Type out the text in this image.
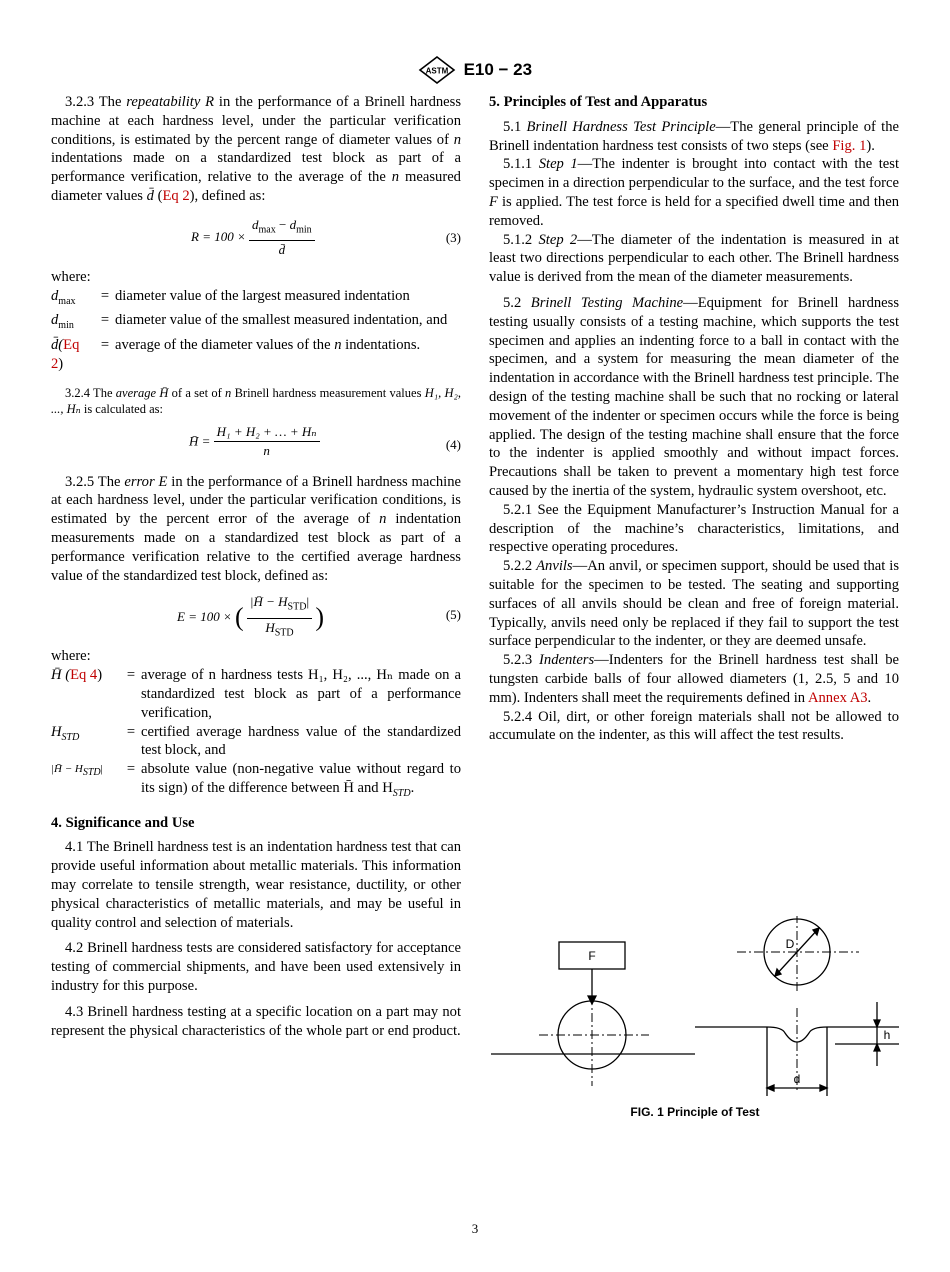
ASTM E10 − 23

3.2.3 The repeatability R in the performance of a Brinell hardness machine at each hardness level, under the particular verification conditions, is estimated by the percent range of diameter values of n indentations made on a standardized test block as part of a performance verification, relative to the average of the n measured diameter values d̄ (Eq 2), defined as:

$R = 100 \times \frac{d_{max} - d_{min}}{d̄}$	(3)

where:

$d_{max}$	=	diameter value of the largest measured indentation
$d_{min}$	=	diameter value of the smallest measured indentation, and
d̄(Eq 2)	=	average of the diameter values of the n indentations.

3.2.4 The average H̄ of a set of n Brinell hardness measurement values H₁, H₂, ..., Hₙ is calculated as:

H̄ = $\frac{\text{H₁ + H₂ + … + Hₙ}}{n}$	(4)

3.2.5 The error E in the performance of a Brinell hardness machine at each hardness level, under the particular verification conditions, is estimated by the percent error of the average of n indentation measurements made on a standardized test block as part of a performance verification relative to the certified average hardness value of the standardized test block, defined as:

E = 100 × ( $\frac{|H̄ - H_{STD}|}{H_{STD}}$ )	(5)

where:

H̄ (Eq 4)	=	average of n hardness tests H₁, H₂, ..., Hₙ made on a standardized test block as part of a performance verification,
$H_{STD}$	=	certified average hardness value of the standardized test block, and
|H̄ − $H_{STD}|$	=	absolute value (non-negative value without regard to its sign) of the difference between H̄ and $H_{STD}$.

4. Significance and Use

4.1 The Brinell hardness test is an indentation hardness test that can provide useful information about metallic materials. This information may correlate to tensile strength, wear resistance, ductility, or other physical characteristics of metallic materials, and may be useful in quality control and selection of materials.

4.2 Brinell hardness tests are considered satisfactory for acceptance testing of commercial shipments, and have been used extensively in industry for this purpose.

4.3 Brinell hardness testing at a specific location on a part may not represent the physical characteristics of the whole part or end product.

5. Principles of Test and Apparatus

5.1 Brinell Hardness Test Principle—The general principle of the Brinell indentation hardness test consists of two steps (see Fig. 1).

5.1.1 Step 1—The indenter is brought into contact with the test specimen in a direction perpendicular to the surface, and the test force F is applied. The test force is held for a specified dwell time and then removed.

5.1.2 Step 2—The diameter of the indentation is measured in at least two directions perpendicular to each other. The Brinell hardness value is derived from the mean of the diameter measurements.

5.2 Brinell Testing Machine—Equipment for Brinell hardness testing usually consists of a testing machine, which supports the test specimen and applies an indenting force to a ball in contact with the specimen, and a system for measuring the mean diameter of the indentation in accordance with the Brinell hardness test principle. The design of the testing machine shall be such that no rocking or lateral movement of the indenter or specimen occurs while the force is being applied. The design of the testing machine shall ensure that the force to the indenter is applied smoothly and without impact forces. Precautions shall be taken to prevent a momentary high test force caused by the inertia of the system, hydraulic system overshoot, etc.

5.2.1 See the Equipment Manufacturer’s Instruction Manual for a description of the machine’s characteristics, limitations, and respective operating procedures.

5.2.2 Anvils—An anvil, or specimen support, should be used that is suitable for the specimen to be tested. The seating and supporting surfaces of all anvils should be clean and free of foreign material. Typically, anvils need only be replaced if they fail to support the test surface perpendicular to the indenter, or they are deemed unsafe.

5.2.3 Indenters—Indenters for the Brinell hardness test shall be tungsten carbide balls of four allowed diameters (1, 2.5, 5 and 10 mm). Indenters shall meet the requirements defined in Annex A3.

5.2.4 Oil, dirt, or other foreign materials shall not be allowed to accumulate on the indenter, as this will affect the test results.

F
D
h
d
FIG. 1 Principle of Test
3
